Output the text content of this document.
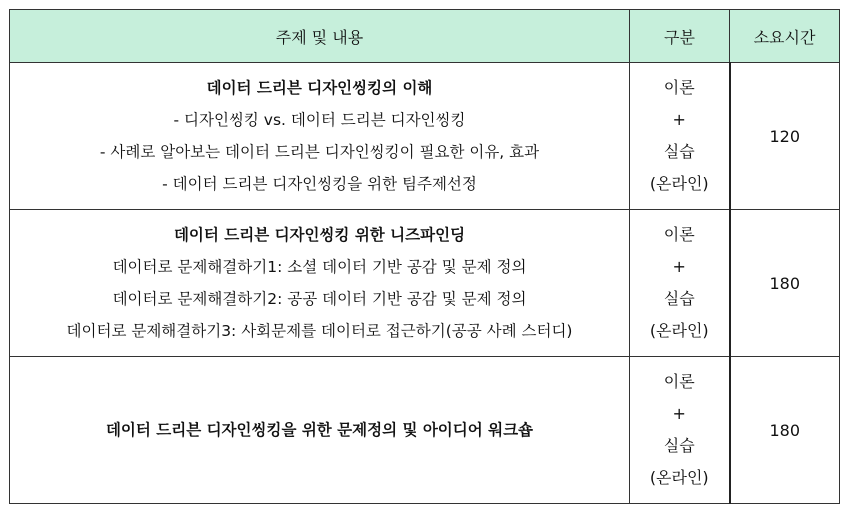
주제 및 내용	구분	소요시간

데이터 드리븐 디자인씽킹의 이해
- 디자인씽킹 vs. 데이터 드리븐 디자인씽킹
- 사례로 알아보는 데이터 드리븐 디자인씽킹이 필요한 이유, 효과
- 데이터 드리븐 디자인씽킹을 위한 팀주제선정	이론
+
실습
(온라인)	120

데이터 드리븐 디자인씽킹 위한 니즈파인딩
데이터로 문제해결하기1: 소셜 데이터 기반 공감 및 문제 정의
데이터로 문제해결하기2: 공공 데이터 기반 공감 및 문제 정의
데이터로 문제해결하기3: 사회문제를 데이터로 접근하기(공공 사례 스터디)	이론
+
실습
(온라인)	180

데이터 드리븐 디자인씽킹을 위한 문제정의 및 아이디어 워크숍	이론
+
실습
(온라인)	180
